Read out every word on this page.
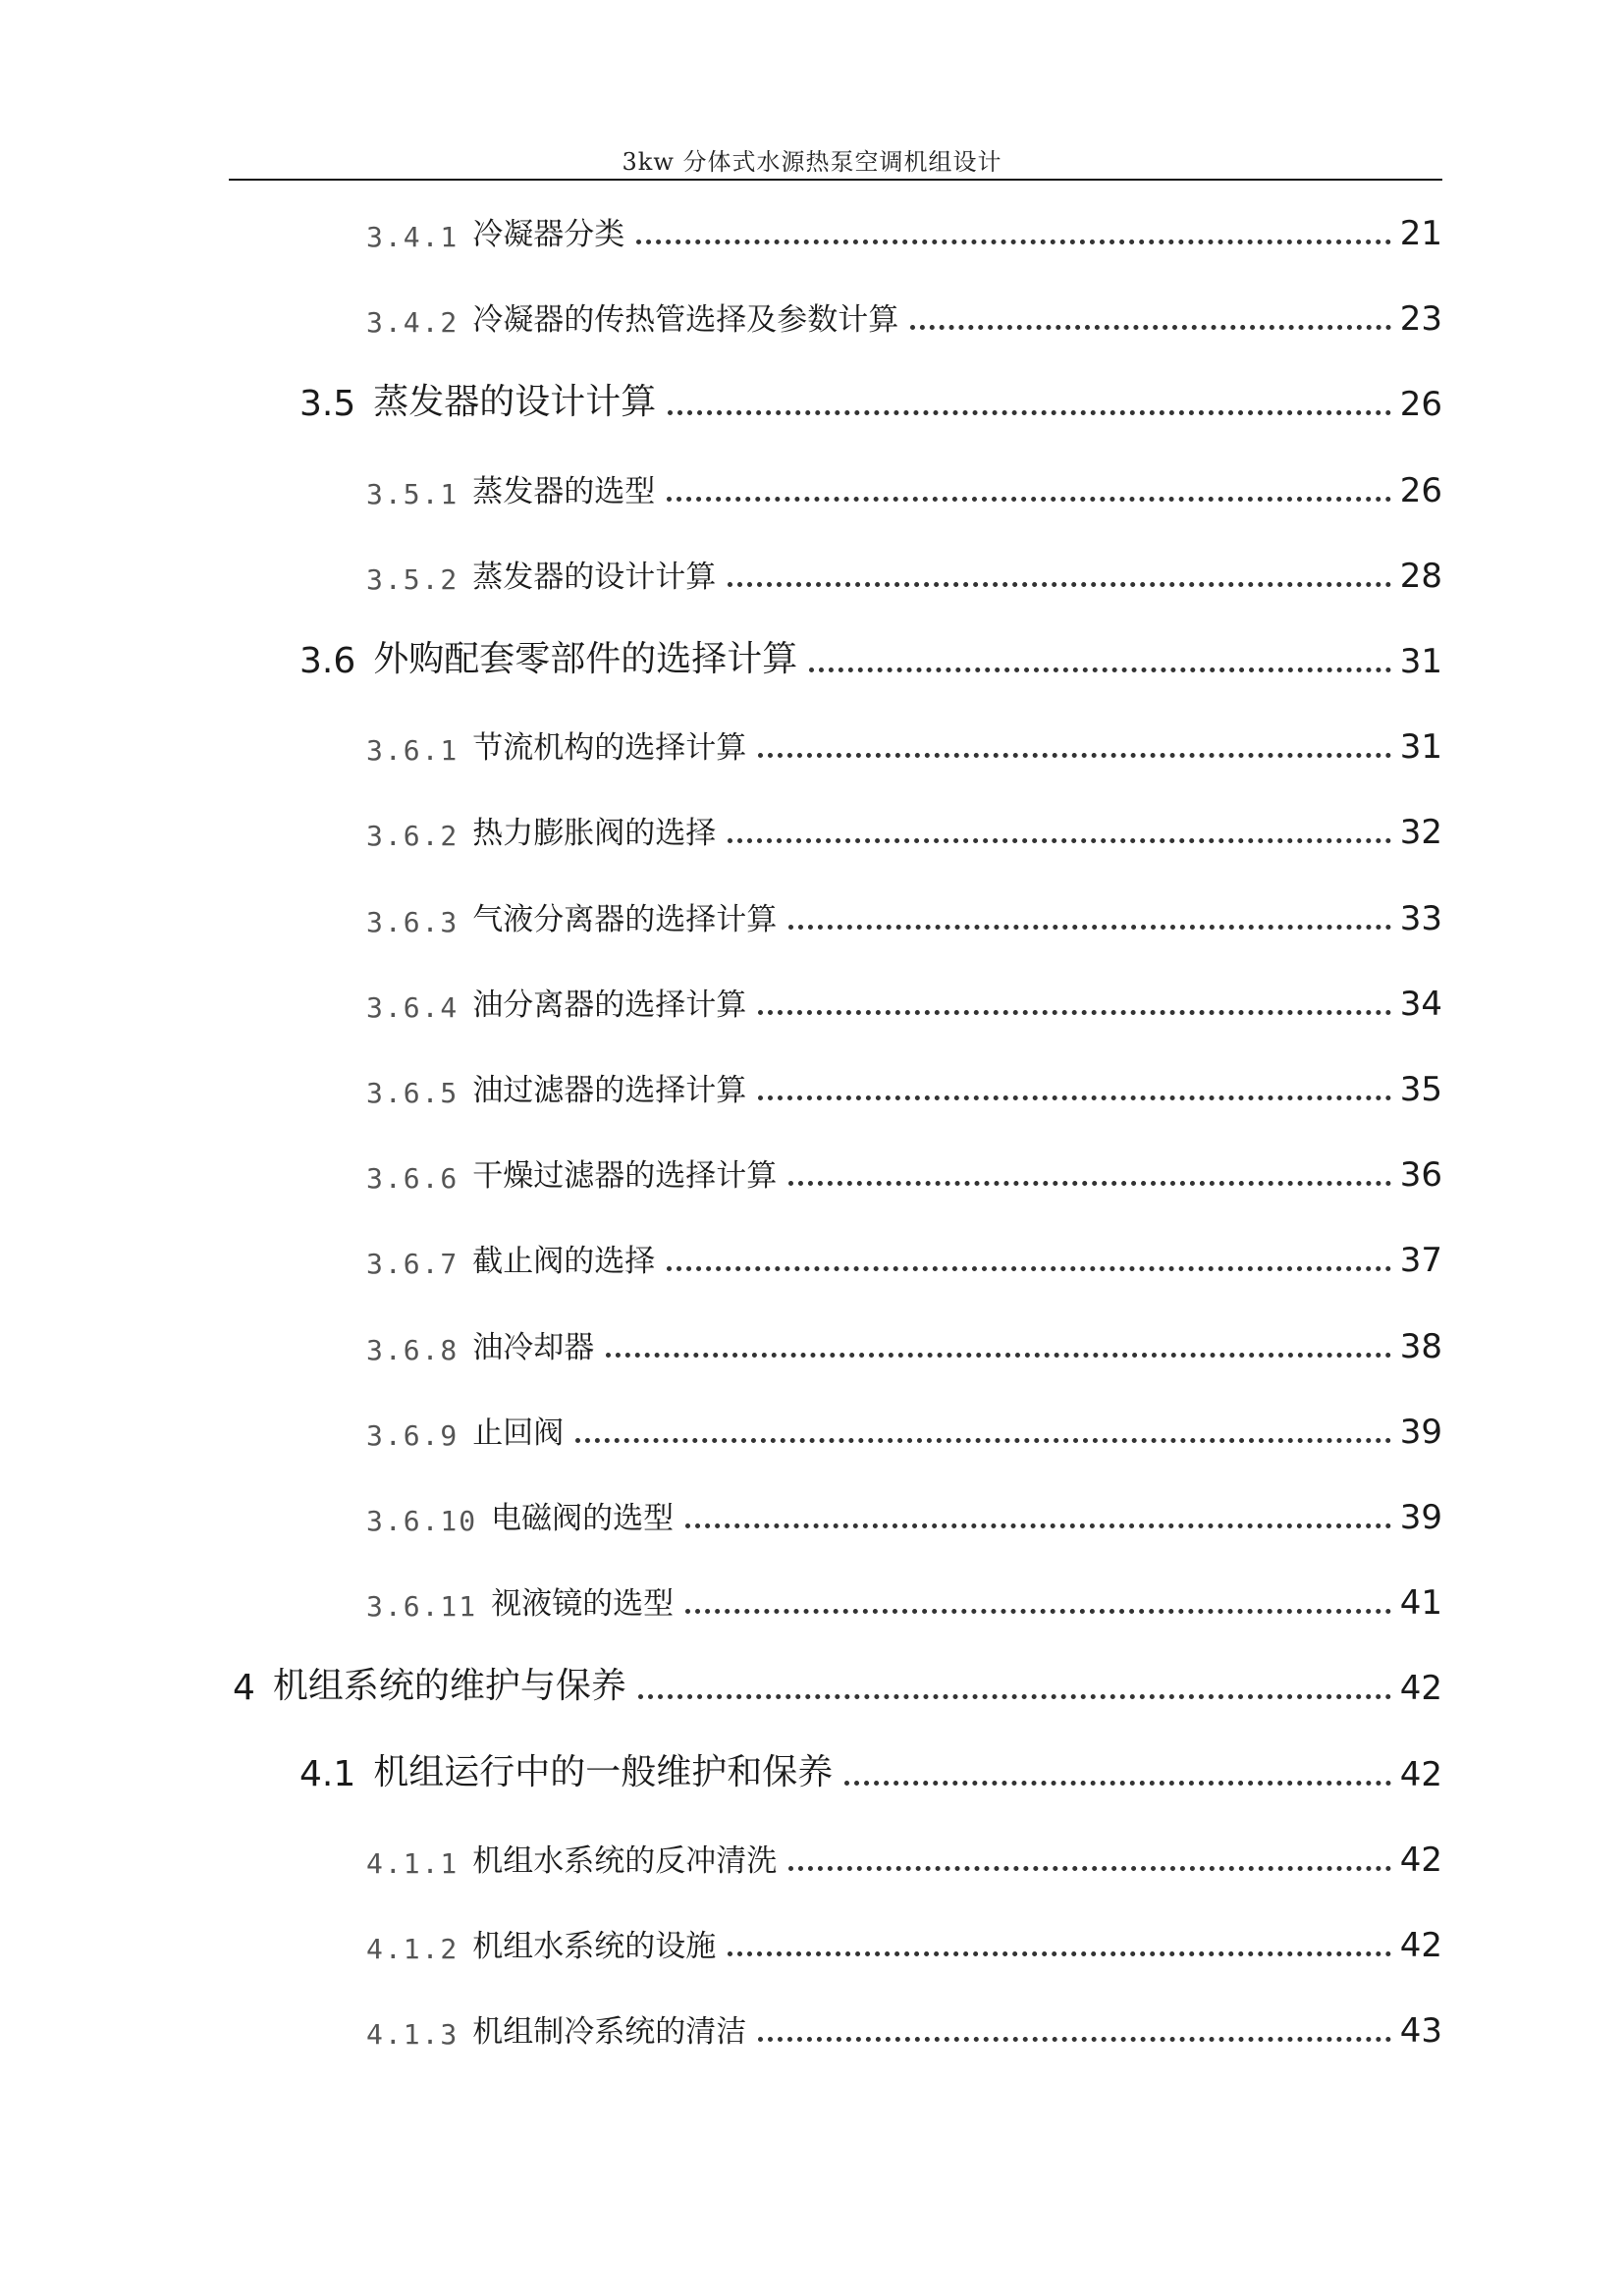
3kw 分体式水源热泵空调机组设计
3.4.1 冷凝器分类	21
3.4.2 冷凝器的传热管选择及参数计算	23
3.5 蒸发器的设计计算	26
3.5.1 蒸发器的选型	26
3.5.2 蒸发器的设计计算	28
3.6 外购配套零部件的选择计算	31
3.6.1 节流机构的选择计算	31
3.6.2 热力膨胀阀的选择	32
3.6.3 气液分离器的选择计算	33
3.6.4 油分离器的选择计算	34
3.6.5 油过滤器的选择计算	35
3.6.6 干燥过滤器的选择计算	36
3.6.7 截止阀的选择	37
3.6.8 油冷却器	38
3.6.9 止回阀	39
3.6.10 电磁阀的选型	39
3.6.11 视液镜的选型	41
4 机组系统的维护与保养	42
4.1 机组运行中的一般维护和保养	42
4.1.1 机组水系统的反冲清洗	42
4.1.2 机组水系统的设施	42
4.1.3 机组制冷系统的清洁	43
